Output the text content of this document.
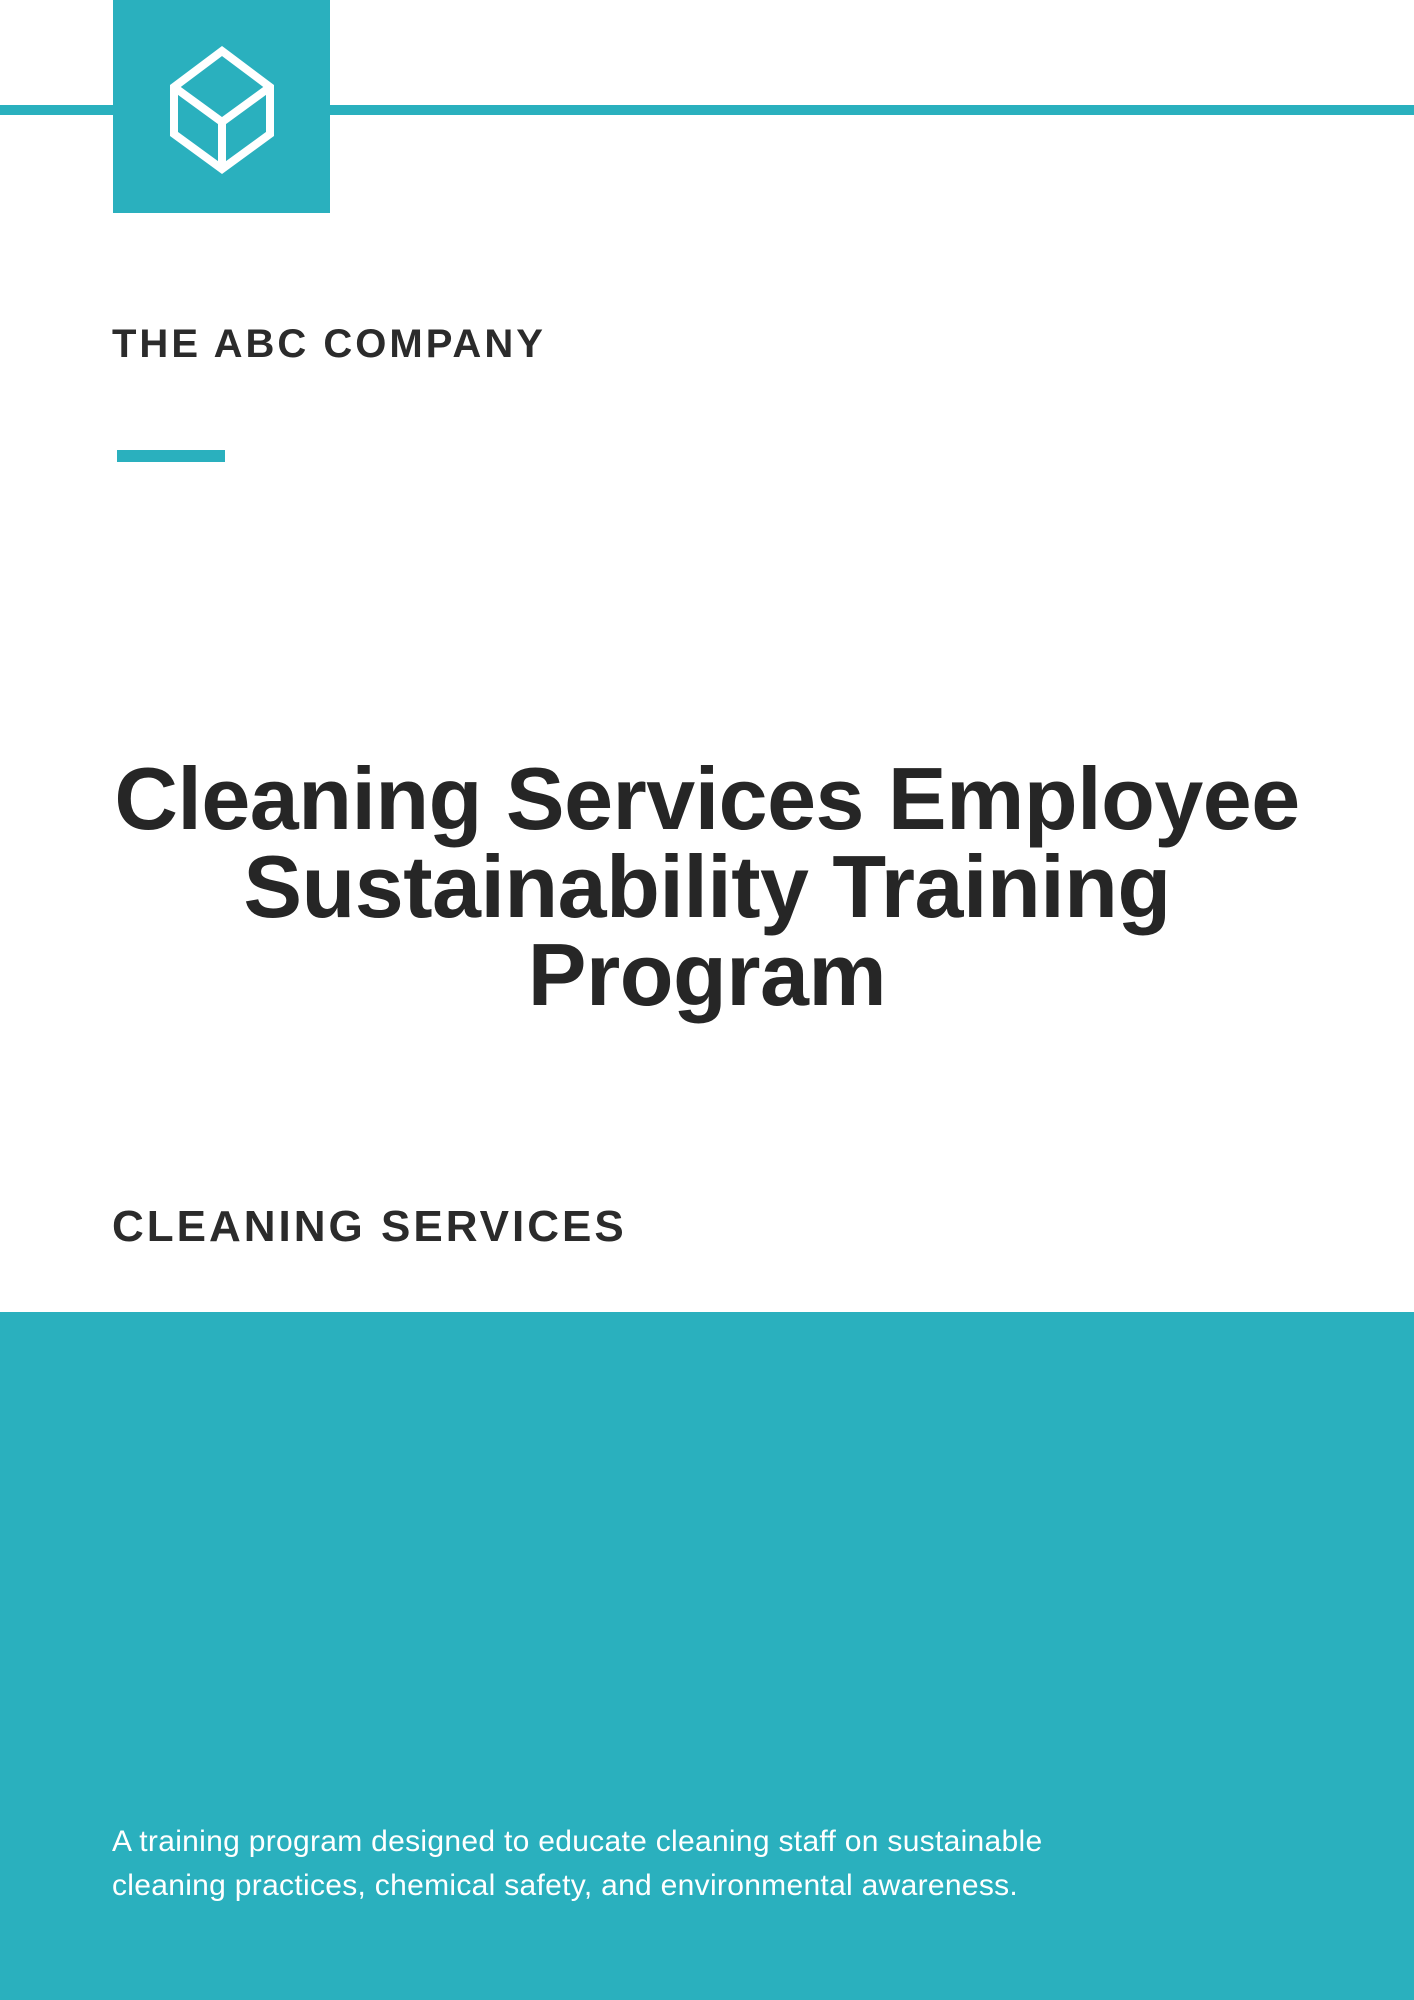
THE ABC COMPANY
Cleaning Services Employee
Sustainability Training
Program
CLEANING SERVICES

A training program designed to educate cleaning staff on sustainable
cleaning practices, chemical safety, and environmental awareness.
